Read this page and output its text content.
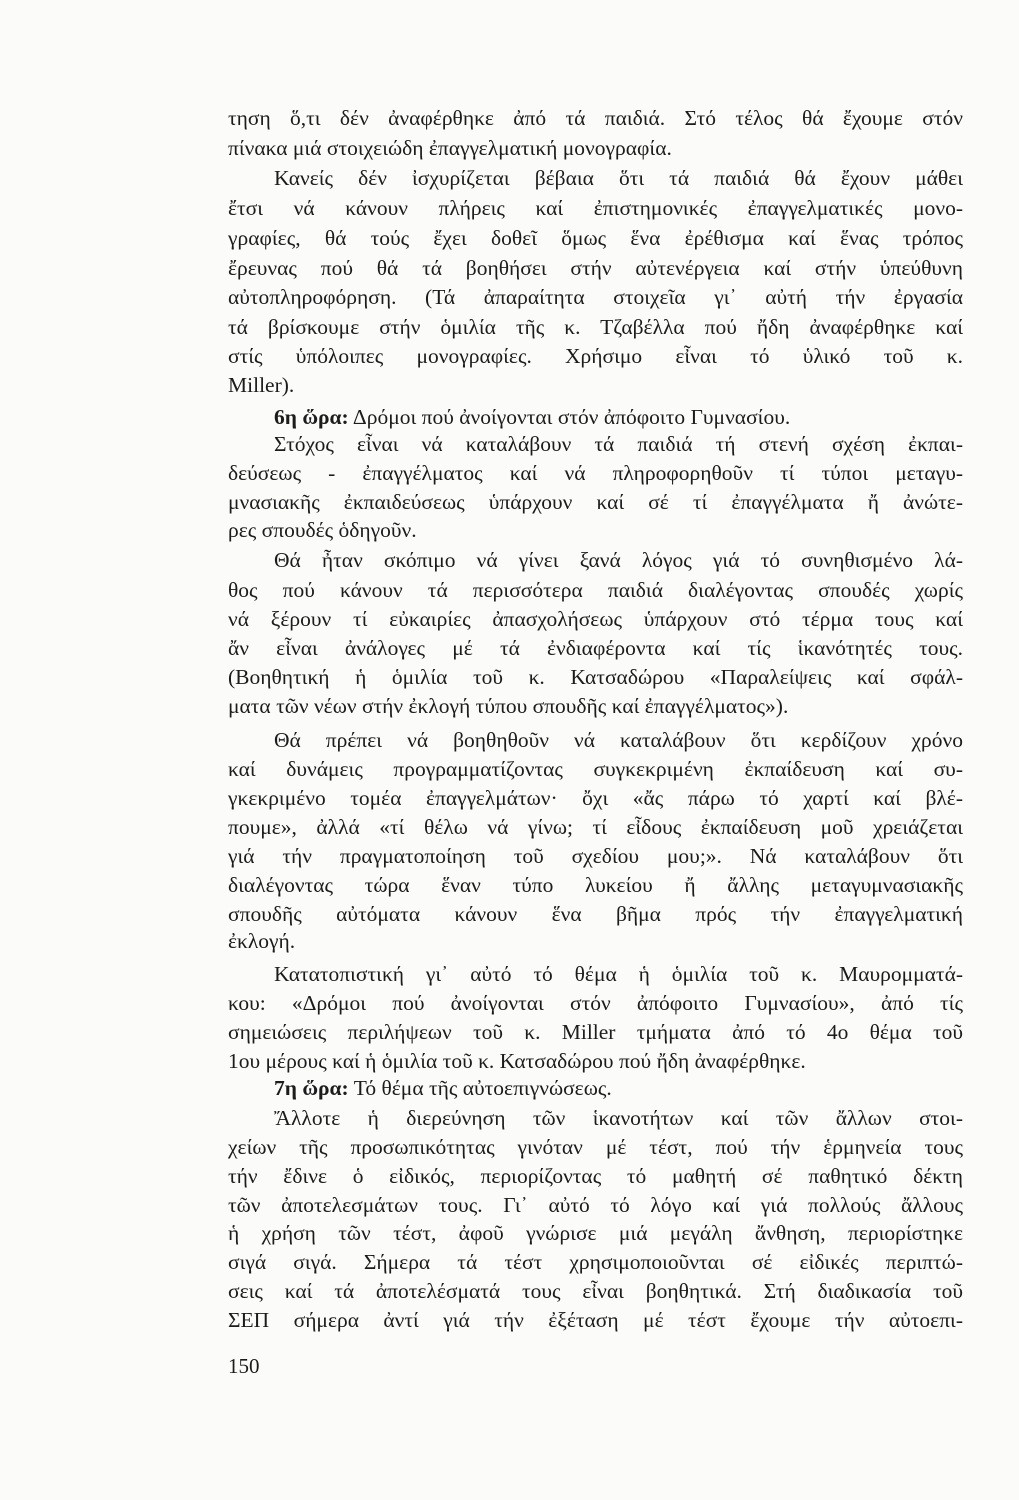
τηση ὅ,τι δέν ἀναφέρθηκε ἀπό τά παιδιά. Στό τέλος θά ἔχουμε στόν
πίνακα μιά στοιχειώδη ἐπαγγελματική μονογραφία.
Κανείς δέν ἰσχυρίζεται βέβαια ὅτι τά παιδιά θά ἔχουν μάθει
ἔτσι νά κάνουν πλήρεις καί ἐπιστημονικές ἐπαγγελματικές μονο-
γραφίες, θά τούς ἔχει δοθεῖ ὅμως ἕνα ἐρέθισμα καί ἕνας τρόπος
ἔρευνας πού θά τά βοηθήσει στήν αὐτενέργεια καί στήν ὑπεύθυνη
αὐτοπληροφόρηση. (Τά ἀπαραίτητα στοιχεῖα γι᾽ αὐτή τήν ἐργασία
τά βρίσκουμε στήν ὁμιλία τῆς κ. Τζαβέλλα πού ἤδη ἀναφέρθηκε καί
στίς ὑπόλοιπες μονογραφίες. Χρήσιμο εἶναι τό ὑλικό τοῦ κ.
Miller).
6η ὥρα: Δρόμοι πού ἀνοίγονται στόν ἀπόφοιτο Γυμνασίου.
Στόχος εἶναι νά καταλάβουν τά παιδιά τή στενή σχέση ἐκπαι-
δεύσεως - ἐπαγγέλματος καί νά πληροφορηθοῦν τί τύποι μεταγυ-
μνασιακῆς ἐκπαιδεύσεως ὑπάρχουν καί σέ τί ἐπαγγέλματα ἤ ἀνώτε-
ρες σπουδές ὁδηγοῦν.
Θά ἦταν σκόπιμο νά γίνει ξανά λόγος γιά τό συνηθισμένο λά-
θος πού κάνουν τά περισσότερα παιδιά διαλέγοντας σπουδές χωρίς
νά ξέρουν τί εὐκαιρίες ἀπασχολήσεως ὑπάρχουν στό τέρμα τους καί
ἄν εἶναι ἀνάλογες μέ τά ἐνδιαφέροντα καί τίς ἱκανότητές τους.
(Βοηθητική ἡ ὁμιλία τοῦ κ. Κατσαδώρου «Παραλείψεις καί σφάλ-
ματα τῶν νέων στήν ἐκλογή τύπου σπουδῆς καί ἐπαγγέλματος»).
Θά πρέπει νά βοηθηθοῦν νά καταλάβουν ὅτι κερδίζουν χρόνο
καί δυνάμεις προγραμματίζοντας συγκεκριμένη ἐκπαίδευση καί συ-
γκεκριμένο τομέα ἐπαγγελμάτων· ὄχι «ἄς πάρω τό χαρτί καί βλέ-
πουμε», ἀλλά «τί θέλω νά γίνω; τί εἶδους ἐκπαίδευση μοῦ χρειάζεται
γιά τήν πραγματοποίηση τοῦ σχεδίου μου;». Νά καταλάβουν ὅτι
διαλέγοντας τώρα ἕναν τύπο λυκείου ἤ ἄλλης μεταγυμνασιακῆς
σπουδῆς αὐτόματα κάνουν ἕνα βῆμα πρός τήν ἐπαγγελματική
ἐκλογή.
Κατατοπιστική γι᾽ αὐτό τό θέμα ἡ ὁμιλία τοῦ κ. Μαυρομματά-
κου: «Δρόμοι πού ἀνοίγονται στόν ἀπόφοιτο Γυμνασίου», ἀπό τίς
σημειώσεις περιλήψεων τοῦ κ. Miller τμήματα ἀπό τό 4ο θέμα τοῦ
1ου μέρους καί ἡ ὁμιλία τοῦ κ. Κατσαδώρου πού ἤδη ἀναφέρθηκε.
7η ὥρα: Τό θέμα τῆς αὐτοεπιγνώσεως.
Ἄλλοτε ἡ διερεύνηση τῶν ἱκανοτήτων καί τῶν ἄλλων στοι-
χείων τῆς προσωπικότητας γινόταν μέ τέστ, πού τήν ἑρμηνεία τους
τήν ἔδινε ὁ εἰδικός, περιορίζοντας τό μαθητή σέ παθητικό δέκτη
τῶν ἀποτελεσμάτων τους. Γι᾽ αὐτό τό λόγο καί γιά πολλούς ἄλλους
ἡ χρήση τῶν τέστ, ἀφοῦ γνώρισε μιά μεγάλη ἄνθηση, περιορίστηκε
σιγά σιγά. Σήμερα τά τέστ χρησιμοποιοῦνται σέ εἰδικές περιπτώ-
σεις καί τά ἀποτελέσματά τους εἶναι βοηθητικά. Στή διαδικασία τοῦ
ΣΕΠ σήμερα ἀντί γιά τήν ἐξέταση μέ τέστ ἔχουμε τήν αὐτοεπι-
150
